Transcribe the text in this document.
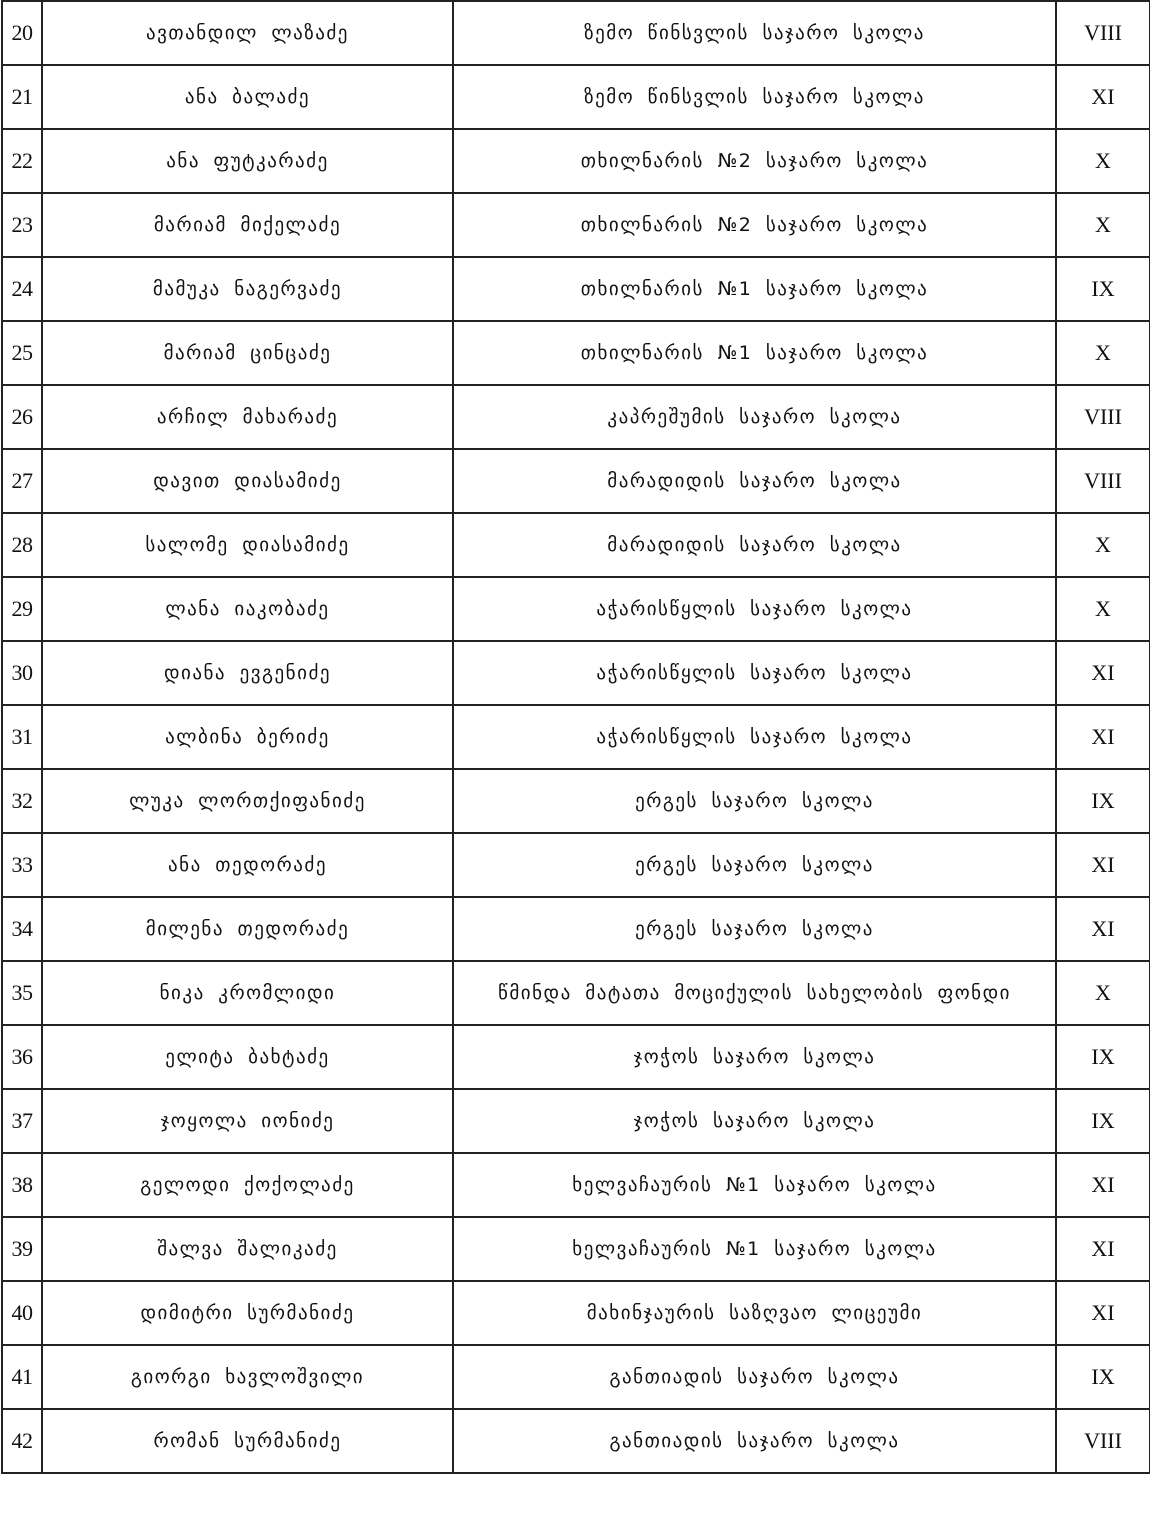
20	ავთანდილ ლაზაძე	ზემო წინსვლის საჯარო სკოლა	VIII
21	ანა ბალაძე	ზემო წინსვლის საჯარო სკოლა	XI
22	ანა ფუტკარაძე	თხილნარის №2 საჯარო სკოლა	X
23	მარიამ მიქელაძე	თხილნარის №2 საჯარო სკოლა	X
24	მამუკა ნაგერვაძე	თხილნარის №1 საჯარო სკოლა	IX
25	მარიამ ცინცაძე	თხილნარის №1 საჯარო სკოლა	X
26	არჩილ მახარაძე	კაპრეშუმის საჯარო სკოლა	VIII
27	დავით დიასამიძე	მარადიდის საჯარო სკოლა	VIII
28	სალომე დიასამიძე	მარადიდის საჯარო სკოლა	X
29	ლანა იაკობაძე	აჭარისწყლის საჯარო სკოლა	X
30	დიანა ევგენიძე	აჭარისწყლის საჯარო სკოლა	XI
31	ალბინა ბერიძე	აჭარისწყლის საჯარო სკოლა	XI
32	ლუკა ლორთქიფანიძე	ერგეს საჯარო სკოლა	IX
33	ანა თედორაძე	ერგეს საჯარო სკოლა	XI
34	მილენა თედორაძე	ერგეს საჯარო სკოლა	XI
35	ნიკა კრომლიდი	წმინდა მატათა მოციქულის სახელობის ფონდი	X
36	ელიტა ბახტაძე	ჯოჭოს საჯარო სკოლა	IX
37	ჯოყოლა იონიძე	ჯოჭოს საჯარო სკოლა	IX
38	გელოდი ქოქოლაძე	ხელვაჩაურის №1 საჯარო სკოლა	XI
39	შალვა შალიკაძე	ხელვაჩაურის №1 საჯარო სკოლა	XI
40	დიმიტრი სურმანიძე	მახინჯაურის საზღვაო ლიცეუმი	XI
41	გიორგი ხავლოშვილი	განთიადის საჯარო სკოლა	IX
42	რომან სურმანიძე	განთიადის საჯარო სკოლა	VIII
